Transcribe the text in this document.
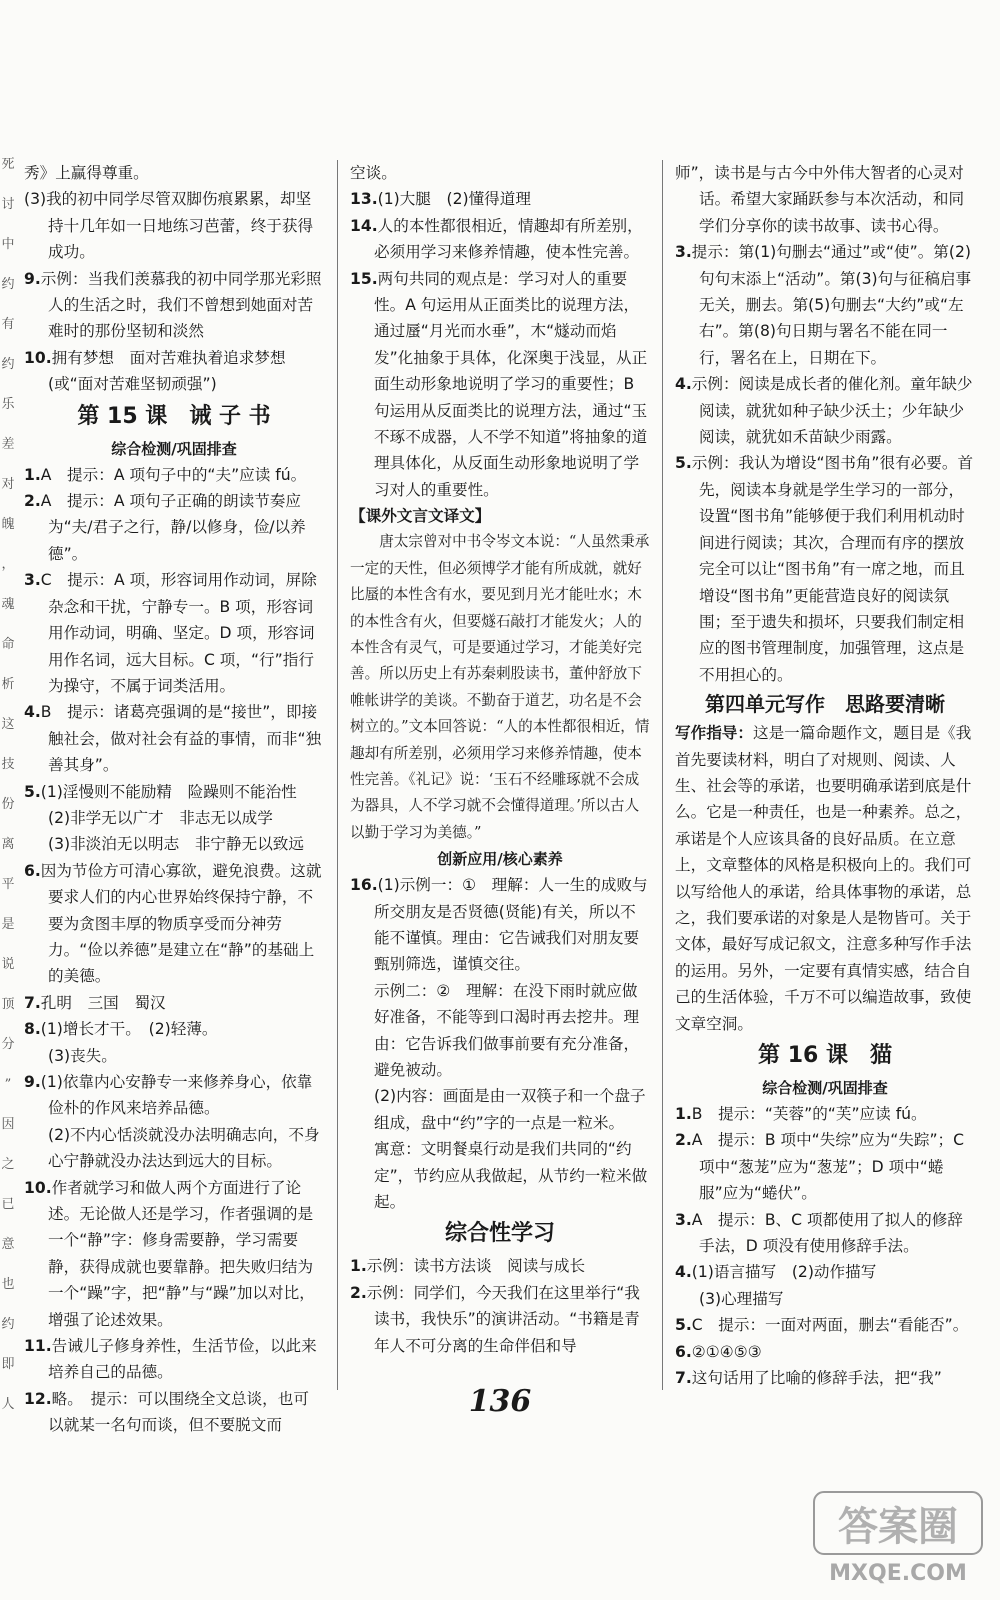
死
讨
中
约
有
约
乐
差
对
魄
，
魂
命
析
这
技
份
离
平
是
说
顶
分
”
因
之
已
意
也
约
即
人
秀》上赢得尊重。
(3)我的初中同学尽管双脚伤痕累累，却坚持十几年如一日地练习芭蕾，终于获得成功。
9.示例：当我们羡慕我的初中同学那光彩照人的生活之时，我们不曾想到她面对苦难时的那份坚韧和淡然
10.拥有梦想　面对苦难执着追求梦想(或“面对苦难坚韧顽强”)
第 15 课　诫 子 书
综合检测/巩固排查
1.A　提示：A 项句子中的“夫”应读 fú。
2.A　提示：A 项句子正确的朗读节奏应为“夫/君子之行，静/以修身，俭/以养德”。
3.C　提示：A 项，形容词用作动词，屏除杂念和干扰，宁静专一。B 项，形容词用作动词，明确、坚定。D 项，形容词用作名词，远大目标。C 项，“行”指行为操守，不属于词类活用。
4.B　提示：诸葛亮强调的是“接世”，即接触社会，做对社会有益的事情，而非“独善其身”。
5.(1)淫慢则不能励精　险躁则不能治性
(2)非学无以广才　非志无以成学
(3)非淡泊无以明志　非宁静无以致远
6.因为节俭方可清心寡欲，避免浪费。这就要求人们的内心世界始终保持宁静，不要为贪图丰厚的物质享受而分神劳力。“俭以养德”是建立在“静”的基础上的美德。
7.孔明　三国　蜀汉
8.(1)增长才干。　(2)轻薄。
(3)丧失。
9.(1)依靠内心安静专一来修养身心，依靠俭朴的作风来培养品德。
(2)不内心恬淡就没办法明确志向，不身心宁静就没办法达到远大的目标。
10.作者就学习和做人两个方面进行了论述。无论做人还是学习，作者强调的是一个“静”字：修身需要静，学习需要静，获得成就也要靠静。把失败归结为一个“躁”字，把“静”与“躁”加以对比，增强了论述效果。
11.告诫儿子修身养性，生活节俭，以此来培养自己的品德。
12.略。　提示：可以围绕全文总谈，也可以就某一名句而谈，但不要脱文而
空谈。
13.(1)大腿　(2)懂得道理
14.人的本性都很相近，情趣却有所差别，必须用学习来修养情趣，使本性完善。
15.两句共同的观点是：学习对人的重要性。A 句运用从正面类比的说理方法，通过蜃“月光而水垂”，木“燧动而焰发”化抽象于具体，化深奥于浅显，从正面生动形象地说明了学习的重要性；B 句运用从反面类比的说理方法，通过“玉不琢不成器，人不学不知道”将抽象的道理具体化，从反面生动形象地说明了学习对人的重要性。
【课外文言文译文】
唐太宗曾对中书令岑文本说：“人虽然秉承一定的天性，但必须博学才能有所成就，就好比蜃的本性含有水，要见到月光才能吐水；木的本性含有火，但要燧石敲打才能发火；人的本性含有灵气，可是要通过学习，才能美好完善。所以历史上有苏秦刺股读书，董仲舒放下帷帐讲学的美谈。不勤奋于道艺，功名是不会树立的。”文本回答说：“人的本性都很相近，情趣却有所差别，必须用学习来修养情趣，使本性完善。《礼记》说：‘玉石不经雕琢就不会成为器具，人不学习就不会懂得道理。’所以古人以勤于学习为美德。”
创新应用/核心素养
16.(1)示例一：①　理解：人一生的成败与所交朋友是否贤德(贤能)有关，所以不能不谨慎。理由：它告诫我们对朋友要甄别筛选，谨慎交往。
示例二：②　理解：在没下雨时就应做好准备，不能等到口渴时再去挖井。理由：它告诉我们做事前要有充分准备，避免被动。
(2)内容：画面是由一双筷子和一个盘子组成，盘中“约”字的一点是一粒米。
寓意：文明餐桌行动是我们共同的“约定”，节约应从我做起，从节约一粒米做起。
综合性学习
1.示例：读书方法谈　阅读与成长
2.示例：同学们，今天我们在这里举行“我读书，我快乐”的演讲活动。“书籍是青年人不可分离的生命伴侣和导
师”，读书是与古今中外伟大智者的心灵对话。希望大家踊跃参与本次活动，和同学们分享你的读书故事、读书心得。
3.提示：第(1)句删去“通过”或“使”。第(2)句句末添上“活动”。第(3)句与征稿启事无关，删去。第(5)句删去“大约”或“左右”。第(8)句日期与署名不能在同一行，署名在上，日期在下。
4.示例：阅读是成长者的催化剂。童年缺少阅读，就犹如种子缺少沃土；少年缺少阅读，就犹如禾苗缺少雨露。
5.示例：我认为增设“图书角”很有必要。首先，阅读本身就是学生学习的一部分，设置“图书角”能够便于我们利用机动时间进行阅读；其次，合理而有序的摆放完全可以让“图书角”有一席之地，而且增设“图书角”更能营造良好的阅读氛围；至于遗失和损坏，只要我们制定相应的图书管理制度，加强管理，这点是不用担心的。
第四单元写作　思路要清晰
写作指导：这是一篇命题作文，题目是《我首先要读材料，明白了对规则、阅读、人生、社会等的承诺，也要明确承诺到底是什么。它是一种责任，也是一种素养。总之，承诺是个人应该具备的良好品质。在立意上，文章整体的风格是积极向上的。我们可以写给他人的承诺，给具体事物的承诺，总之，我们要承诺的对象是人是物皆可。关于文体，最好写成记叙文，注意多种写作手法的运用。另外，一定要有真情实感，结合自己的生活体验，千万不可以编造故事，致使文章空洞。
第 16 课　猫
综合检测/巩固排查
1.B　提示：“芙蓉”的“芙”应读 fú。
2.A　提示：B 项中“失综”应为“失踪”；C 项中“葱茏”应为“葱茏”；D 项中“蜷服”应为“蜷伏”。
3.A　提示：B、C 项都使用了拟人的修辞手法，D 项没有使用修辞手法。
4.(1)语言描写　(2)动作描写
(3)心理描写
5.C　提示：一面对两面，删去“看能否”。
6.②①④⑤③
7.这句话用了比喻的修辞手法，把“我”
136
答案圈
MXQE.COM
